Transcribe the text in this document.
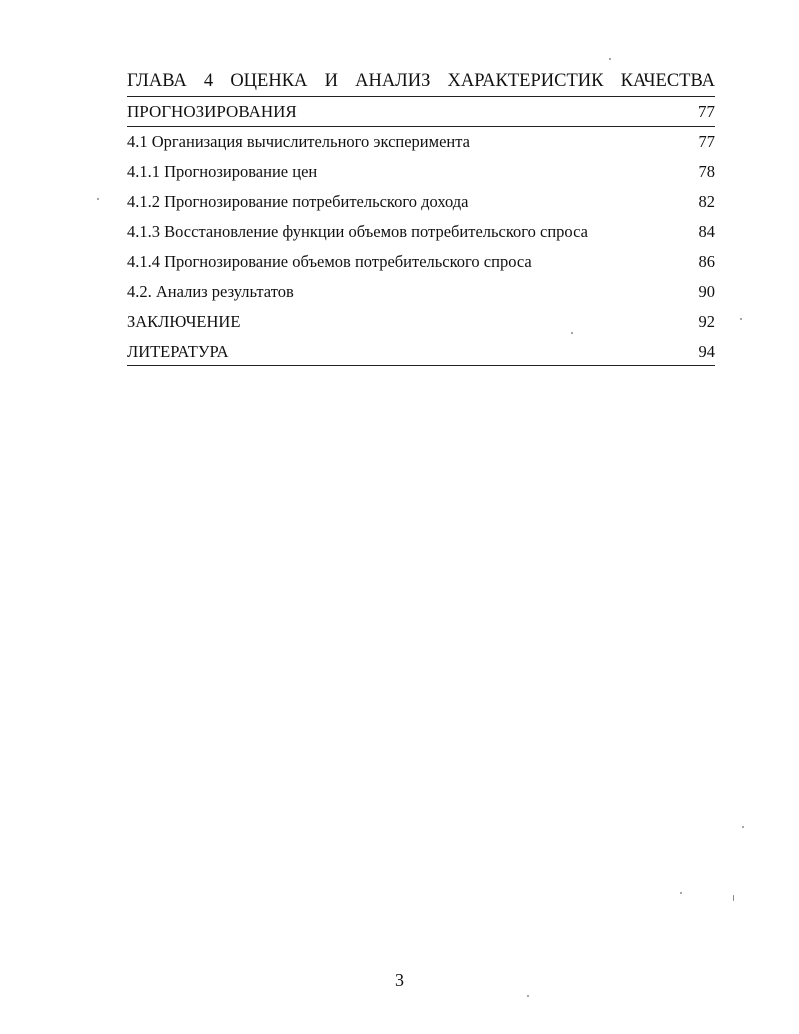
ГЛАВА 4 ОЦЕНКА И АНАЛИЗ ХАРАКТЕРИСТИК КАЧЕСТВА
ПРОГНОЗИРОВАНИЯ	77
4.1 Организация вычислительного эксперимента	77
4.1.1 Прогнозирование цен	78
4.1.2 Прогнозирование потребительского дохода	82
4.1.3 Восстановление функции объемов потребительского спроса	84
4.1.4 Прогнозирование объемов потребительского спроса	86
4.2. Анализ результатов	90
ЗАКЛЮЧЕНИЕ	92
ЛИТЕРАТУРА	94
3
